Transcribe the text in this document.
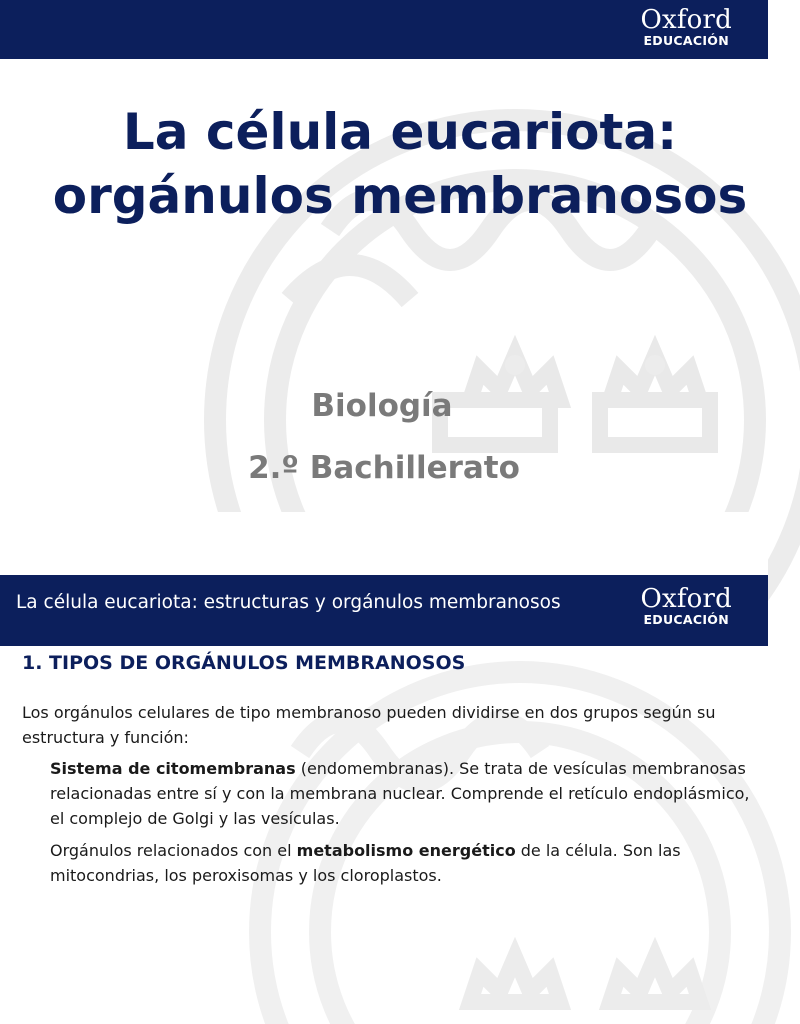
Oxford
EDUCACIÓN
La célula eucariota: orgánulos membranosos

Biología

2.º Bachillerato

La célula eucariota: estructuras y orgánulos membranosos	Oxford
EDUCACIÓN
1. TIPOS DE ORGÁNULOS MEMBRANOSOS

Los orgánulos celulares de tipo membranoso pueden dividirse en dos grupos según su estructura y función:

Sistema de citomembranas (endomembranas). Se trata de vesículas membranosas relacionadas entre sí y con la membrana nuclear. Comprende el retículo endoplásmico, el complejo de Golgi y las vesículas.

Orgánulos relacionados con el metabolismo energético de la célula. Son las mitocondrias, los peroxisomas y los cloroplastos.
